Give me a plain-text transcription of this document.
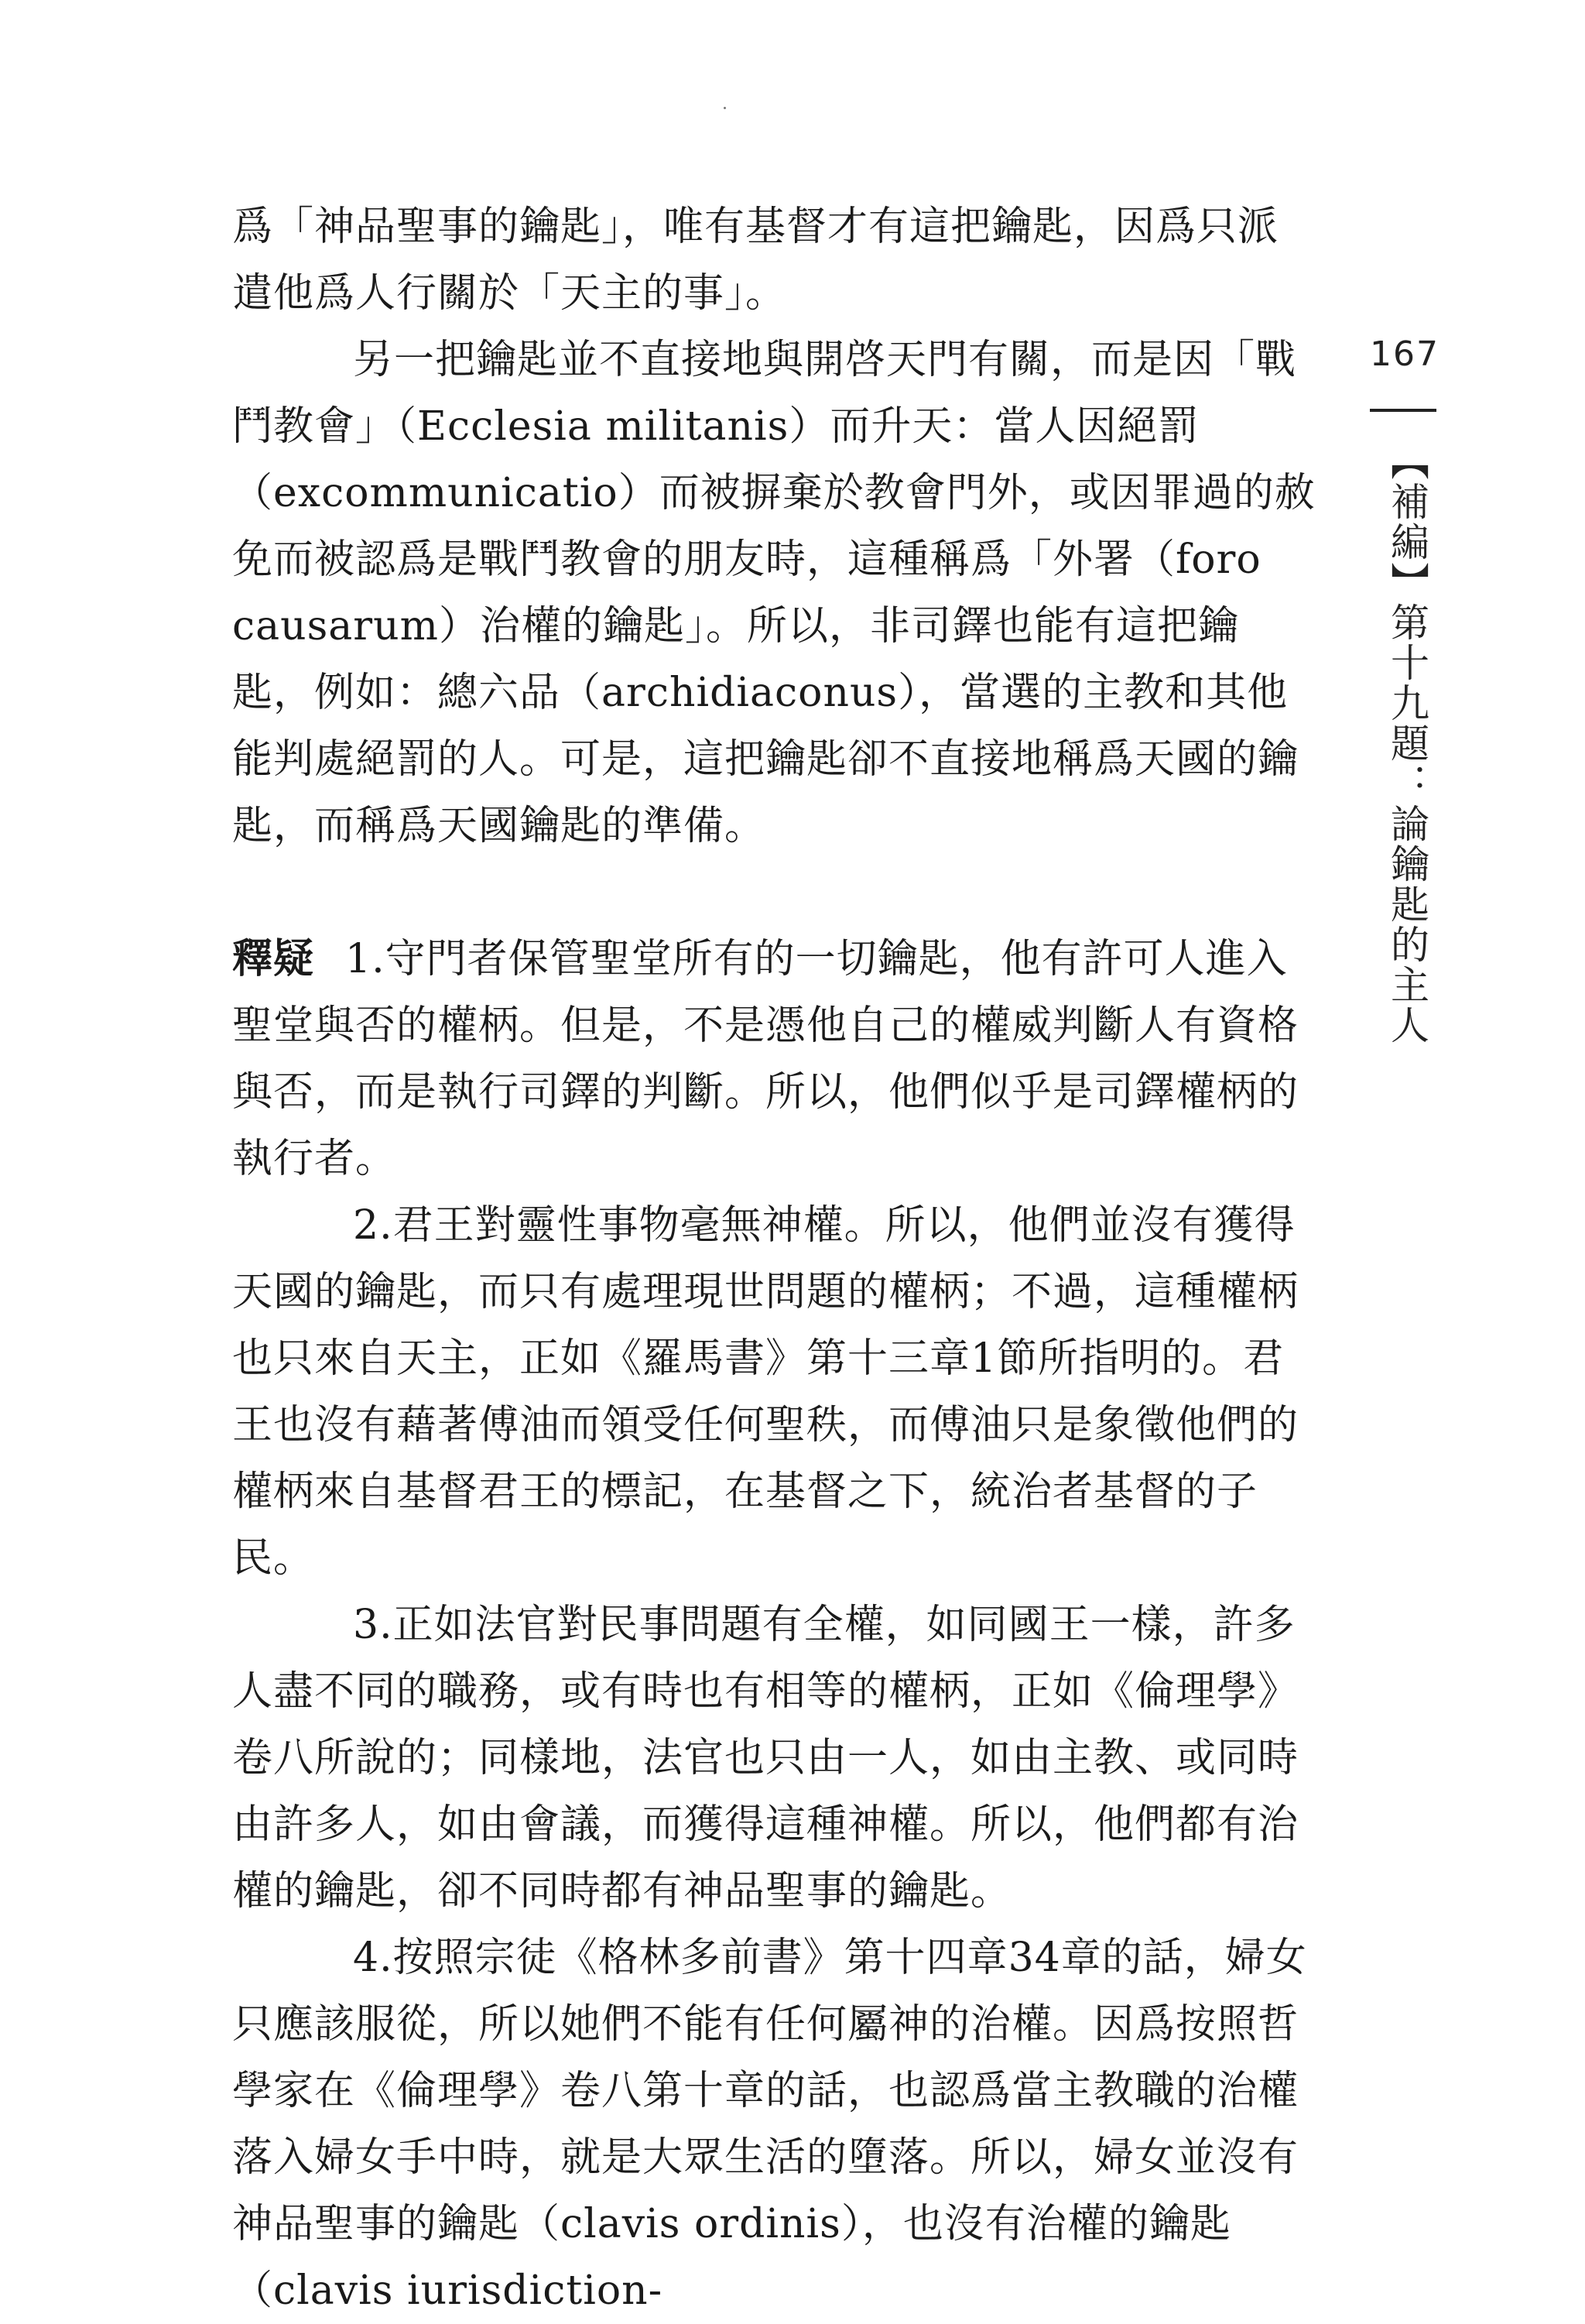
爲「神品聖事的鑰匙」，唯有基督才有這把鑰匙，因爲只派遣他爲人行關於「天主的事」。

另一把鑰匙並不直接地與開啓天門有關，而是因「戰鬥教會」（Ecclesia militanis）而升天：當人因絕罰（excommunicatio）而被摒棄於教會門外，或因罪過的赦免而被認爲是戰鬥教會的朋友時，這種稱爲「外署（foro causarum）治權的鑰匙」。所以，非司鐸也能有這把鑰匙，例如：總六品（archidiaconus），當選的主教和其他能判處絕罰的人。可是，這把鑰匙卻不直接地稱爲天國的鑰匙，而稱爲天國鑰匙的準備。

釋疑 1.守門者保管聖堂所有的一切鑰匙，他有許可人進入聖堂與否的權柄。但是，不是憑他自己的權威判斷人有資格與否，而是執行司鐸的判斷。所以，他們似乎是司鐸權柄的執行者。

2.君王對靈性事物毫無神權。所以，他們並沒有獲得天國的鑰匙，而只有處理現世問題的權柄；不過，這種權柄也只來自天主，正如《羅馬書》第十三章1節所指明的。君王也沒有藉著傅油而領受任何聖秩，而傅油只是象徵他們的權柄來自基督君王的標記，在基督之下，統治者基督的子民。

3.正如法官對民事問題有全權，如同國王一樣，許多人盡不同的職務，或有時也有相等的權柄，正如《倫理學》卷八所說的；同樣地，法官也只由一人，如由主教、或同時由許多人，如由會議，而獲得這種神權。所以，他們都有治權的鑰匙，卻不同時都有神品聖事的鑰匙。

4.按照宗徒《格林多前書》第十四章34章的話，婦女只應該服從，所以她們不能有任何屬神的治權。因爲按照哲學家在《倫理學》卷八第十章的話，也認爲當主教職的治權落入婦女手中時，就是大眾生活的墮落。所以，婦女並沒有神品聖事的鑰匙（clavis ordinis），也沒有治權的鑰匙（clavis iurisdiction-

167
【補編】第十九題：論鑰匙的主人
